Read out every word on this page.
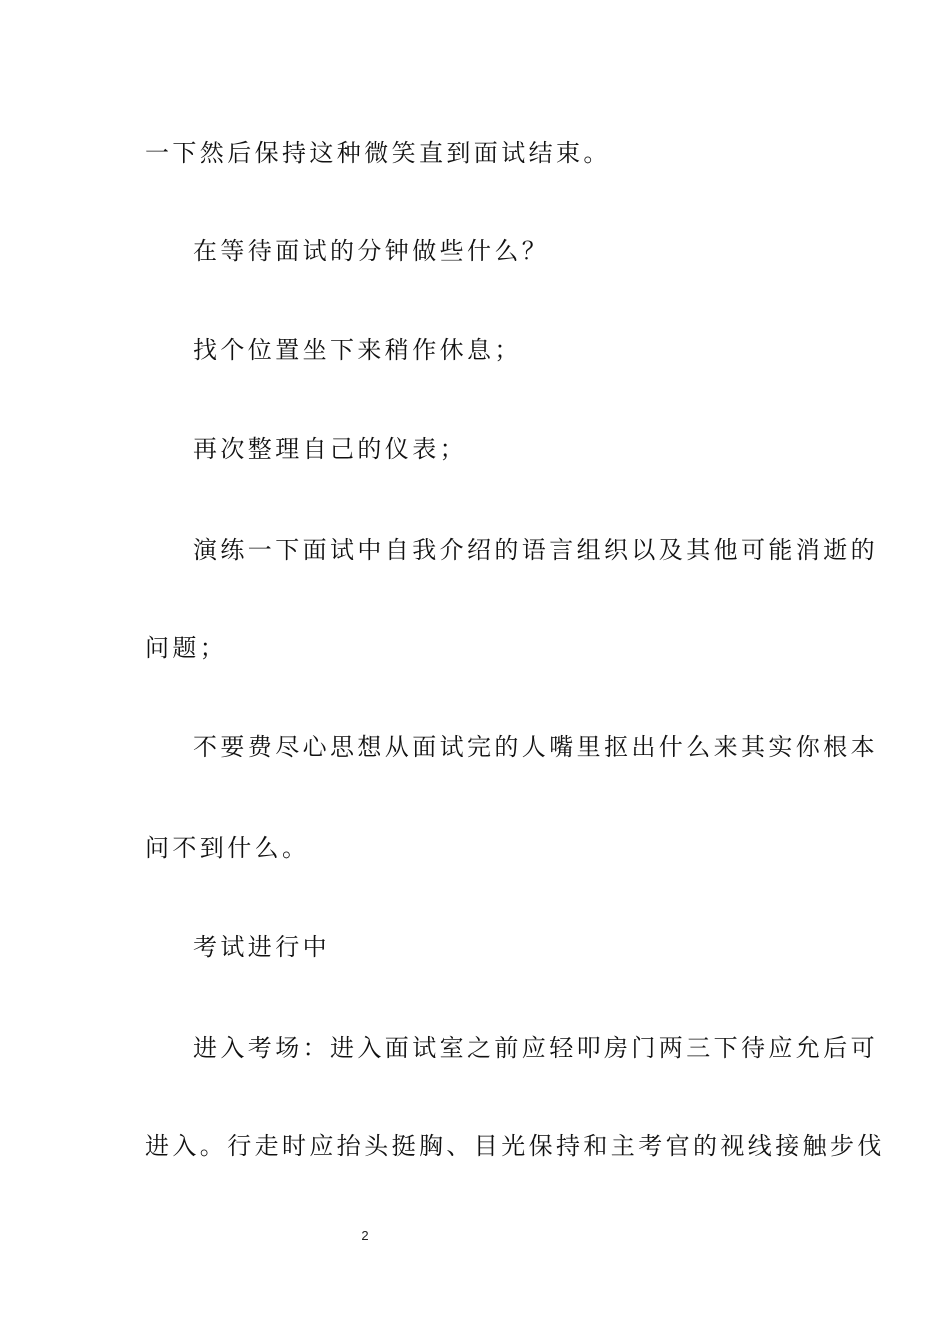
一下然后保持这种微笑直到面试结束。
在等待面试的分钟做些什么？
找个位置坐下来稍作休息；
再次整理自己的仪表；
演练一下面试中自我介绍的语言组织以及其他可能消逝的
问题；
不要费尽心思想从面试完的人嘴里抠出什么来其实你根本
问不到什么。
考试进行中
进入考场：进入面试室之前应轻叩房门两三下待应允后可
进入。行走时应抬头挺胸、目光保持和主考官的视线接触步伐
2
